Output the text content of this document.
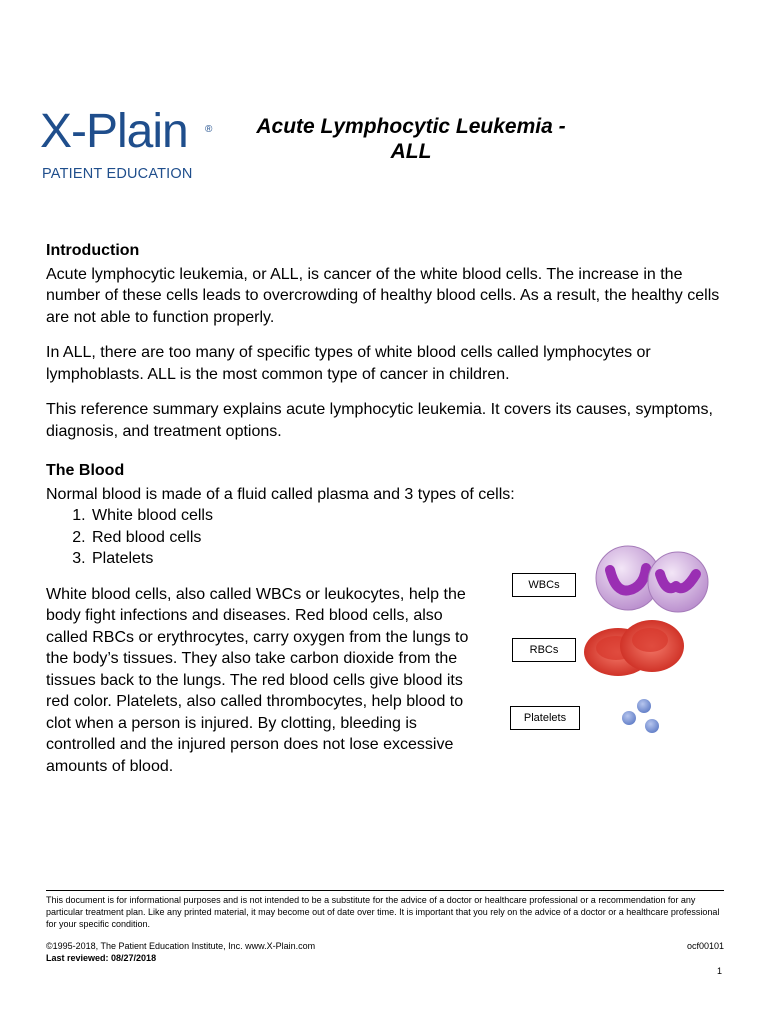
X-Plain ®
PATIENT EDUCATION
Acute Lymphocytic Leukemia -
ALL
Introduction

Acute lymphocytic leukemia, or ALL, is cancer of the white blood cells. The increase in the number of these cells leads to overcrowding of healthy blood cells. As a result, the healthy cells are not able to function properly.

In ALL, there are too many of specific types of white blood cells called lymphocytes or lymphoblasts. ALL is the most common type of cancer in children.

This reference summary explains acute lymphocytic leukemia. It covers its causes, symptoms, diagnosis, and treatment options.

The Blood
Normal blood is made of a fluid called plasma and 3 types of cells:
1. White blood cells
2. Red blood cells
3. Platelets

White blood cells, also called WBCs or leukocytes, help the body fight infections and diseases. Red blood cells, also called RBCs or erythrocytes, carry oxygen from the lungs to the body’s tissues. They also take carbon dioxide from the tissues back to the lungs. The red blood cells give blood its red color. Platelets, also called thrombocytes, help blood to clot when a person is injured. By clotting, bleeding is controlled and the injured person does not lose excessive amounts of blood.

WBCs
RBCs
Platelets
This document is for informational purposes and is not intended to be a substitute for the advice of a doctor or healthcare professional or a recommendation for any particular treatment plan. Like any printed material, it may become out of date over time. It is important that you rely on the advice of a doctor or a healthcare professional for your specific condition.
©1995-2018, The Patient Education Institute, Inc. www.X-Plain.com	ocf00101
Last reviewed: 08/27/2018
1
